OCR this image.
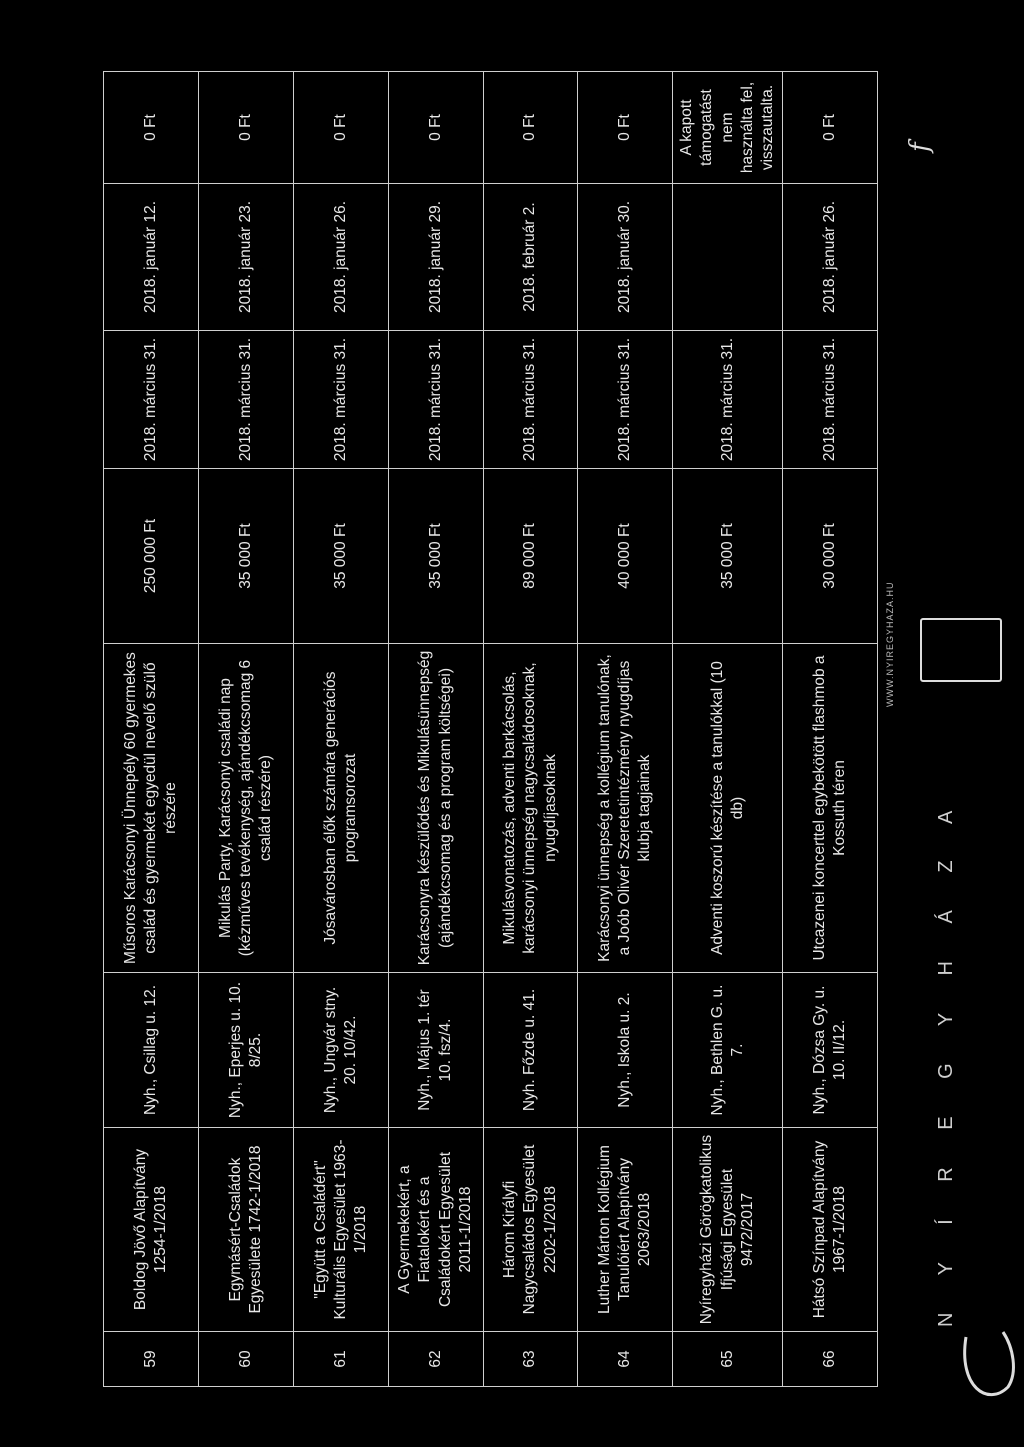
59	Boldog Jövő Alapítvány 1254-1/2018	Nyh., Csillag u. 12.	Műsoros Karácsonyi Ünnepély 60 gyermekes család és gyermekét egyedül nevelő szülő részére	250 000 Ft	2018. március 31.	2018. január 12.	0 Ft
60	Egymásért-Családok Egyesülete 1742-1/2018	Nyh., Eperjes u. 10. 8/25.	Mikulás Party, Karácsonyi családi nap (kézműves tevékenység, ajándékcsomag 6 család részére)	35 000 Ft	2018. március 31.	2018. január 23.	0 Ft
61	"Együtt a Családért" Kulturális Egyesület 1963-1/2018	Nyh., Ungvár stny. 20. 10/42.	Jósavárosban élők számára generációs programsorozat	35 000 Ft	2018. március 31.	2018. január 26.	0 Ft
62	A Gyermekekért, a Fiatalokért és a Családokért Egyesület 2011-1/2018	Nyh., Május 1. tér 10. fsz/4.	Karácsonyra készülődés és Mikulásünnepség (ajándékcsomag és a program költségei)	35 000 Ft	2018. március 31.	2018. január 29.	0 Ft
63	Három Királyfi Nagycsaládos Egyesület 2202-1/2018	Nyh. Főzde u. 41.	Mikulásvonatozás, adventi barkácsolás, karácsonyi ünnepség nagycsaládosoknak, nyugdíjasoknak	89 000 Ft	2018. március 31.	2018. február 2.	0 Ft
64	Luther Márton Kollégium Tanulóiért Alapítvány 2063/2018	Nyh., Iskola u. 2.	Karácsonyi ünnepség a kollégium tanulónak, a Joób Olivér Szeretetintézmény nyugdíjas klubja tagjainak	40 000 Ft	2018. március 31.	2018. január 30.	0 Ft
65	Nyíregyházi Görögkatolikus Ifjúsági Egyesület 9472/2017	Nyh., Bethlen G. u. 7.	Adventi koszorú készítése a tanulókkal (10 db)	35 000 Ft	2018. március 31.		A kapott támogatást nem használta fel, visszautalta.
66	Hátsó Színpad Alapítvány 1967-1/2018	Nyh., Dózsa Gy. u. 10. II/12.	Utcazenei koncerttel egybekötött flashmob a Kossuth téren	30 000 Ft	2018. március 31.	2018. január 26.	0 Ft
N Y Í R E G Y H Á Z A
WWW.NYIREGYHAZA.HU
f
